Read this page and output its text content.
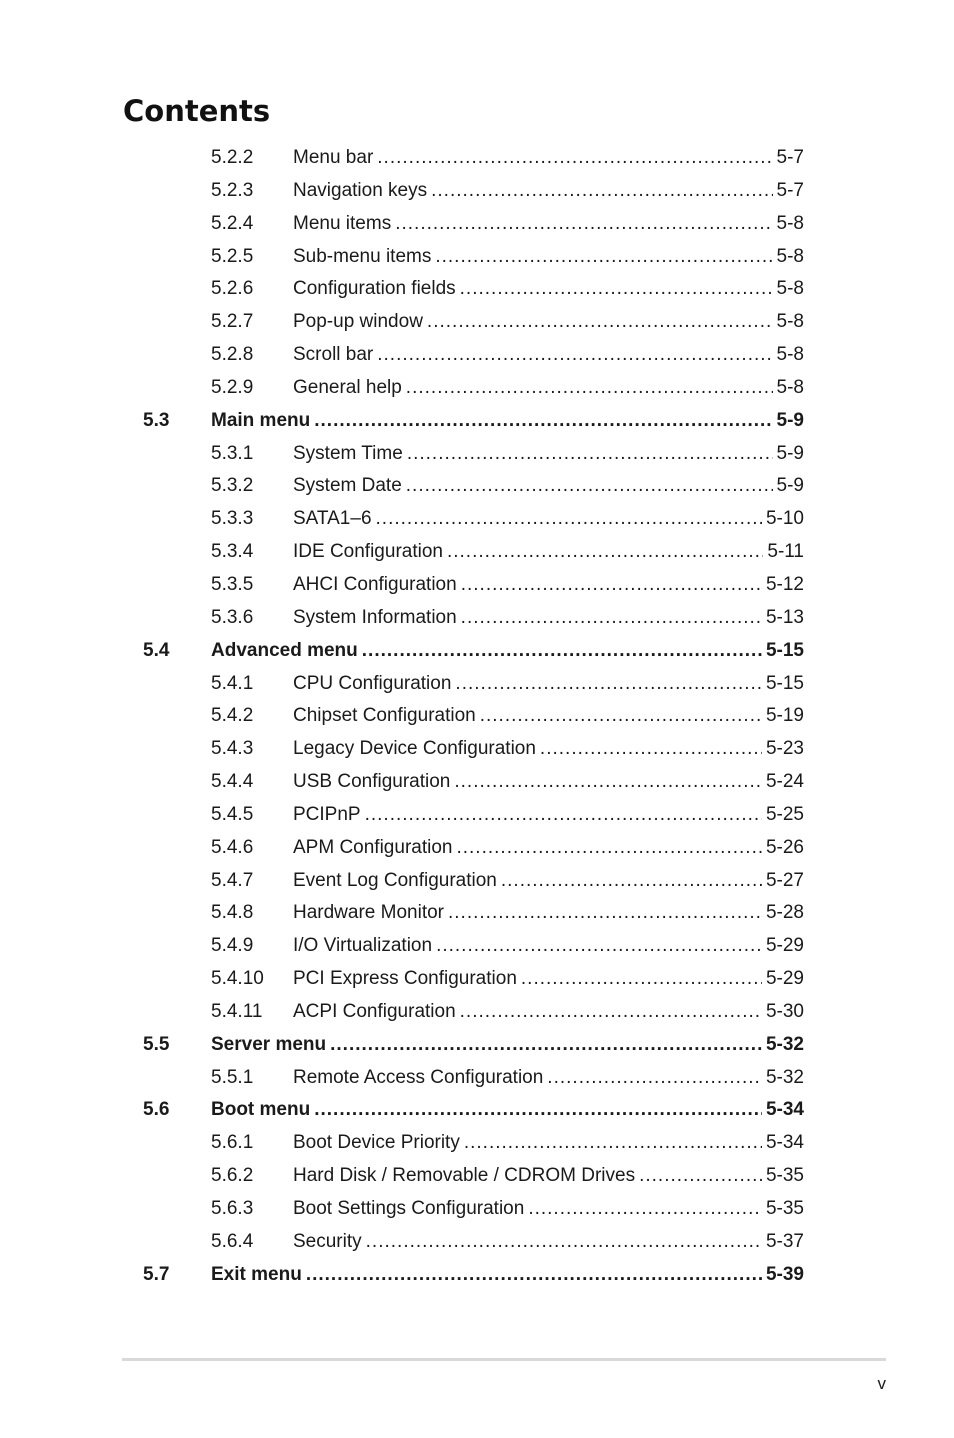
Contents
5.2.2 Menu bar .....	5-7
5.2.3 Navigation keys .....	5-7
5.2.4 Menu items .....	5-8
5.2.5 Sub-menu items .....	5-8
5.2.6 Configuration fields .....	5-8
5.2.7 Pop-up window .....	5-8
5.2.8 Scroll bar .....	5-8
5.2.9 General help .....	5-8
5.3 Main menu .....	5-9
5.3.1 System Time .....	5-9
5.3.2 System Date .....	5-9
5.3.3 SATA1–6 .....	5-10
5.3.4 IDE Configuration .....	5-11
5.3.5 AHCI Configuration .....	5-12
5.3.6 System Information .....	5-13
5.4 Advanced menu .....	5-15
5.4.1 CPU Configuration .....	5-15
5.4.2 Chipset Configuration .....	5-19
5.4.3 Legacy Device Configuration .....	5-23
5.4.4 USB Configuration .....	5-24
5.4.5 PCIPnP .....	5-25
5.4.6 APM Configuration .....	5-26
5.4.7 Event Log Configuration .....	5-27
5.4.8 Hardware Monitor .....	5-28
5.4.9 I/O Virtualization .....	5-29
5.4.10 PCI Express Configuration .....	5-29
5.4.11 ACPI Configuration .....	5-30
5.5 Server menu .....	5-32
5.5.1 Remote Access Configuration .....	5-32
5.6 Boot menu .....	5-34
5.6.1 Boot Device Priority .....	5-34
5.6.2 Hard Disk / Removable / CDROM Drives .....	5-35
5.6.3 Boot Settings Configuration .....	5-35
5.6.4 Security .....	5-37
5.7 Exit menu .....	5-39
v
